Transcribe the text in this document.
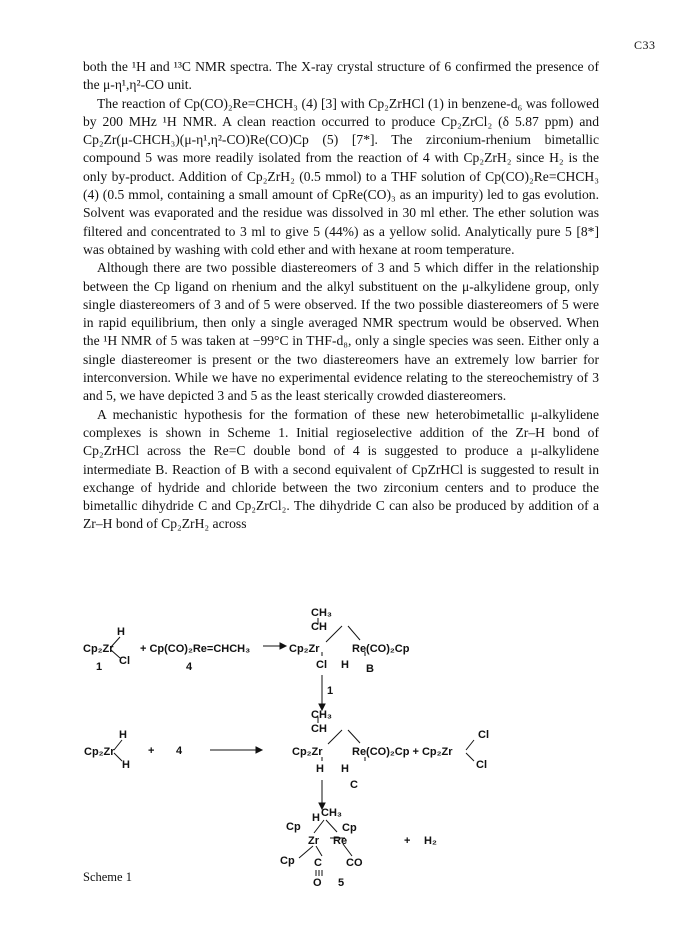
C33

both the ¹H and ¹³C NMR spectra. The X-ray crystal structure of 6 confirmed the presence of the μ-η¹,η²-CO unit.

The reaction of Cp(CO)₂Re=CHCH₃ (4) [3] with Cp₂ZrHCl (1) in benzene-d₆ was followed by 200 MHz ¹H NMR. A clean reaction occurred to produce Cp₂ZrCl₂ (δ 5.87 ppm) and Cp₂Zr(μ-CHCH₃)(μ-η¹,η²-CO)Re(CO)Cp (5) [7*]. The zirconium-rhenium bimetallic compound 5 was more readily isolated from the reaction of 4 with Cp₂ZrH₂ since H₂ is the only by-product. Addition of Cp₂ZrH₂ (0.5 mmol) to a THF solution of Cp(CO)₂Re=CHCH₃ (4) (0.5 mmol, containing a small amount of CpRe(CO)₃ as an impurity) led to gas evolution. Solvent was evaporated and the residue was dissolved in 30 ml ether. The ether solution was filtered and concentrated to 3 ml to give 5 (44%) as a yellow solid. Analytically pure 5 [8*] was obtained by washing with cold ether and with hexane at room temperature.

Although there are two possible diastereomers of 3 and 5 which differ in the relationship between the Cp ligand on rhenium and the alkyl substituent on the μ-alkylidene group, only single diastereomers of 3 and of 5 were observed. If the two possible diastereomers of 5 were in rapid equilibrium, then only a single averaged NMR spectrum would be observed. When the ¹H NMR of 5 was taken at −99°C in THF-d₈, only a single species was seen. Either only a single diastereomer is present or the two diastereomers have an extremely low barrier for interconversion. While we have no experimental evidence relating to the stereochemistry of 3 and 5, we have depicted 3 and 5 as the least sterically crowded diastereomers.

A mechanistic hypothesis for the formation of these new heterobimetallic μ-alkylidene complexes is shown in Scheme 1. Initial regioselective addition of the Zr–H bond of Cp₂ZrHCl across the Re=C double bond of 4 is suggested to produce a μ-alkylidene intermediate B. Reaction of B with a second equivalent of CpZrHCl is suggested to result in exchange of hydride and chloride between the two zirconium centers and to produce the bimetallic dihydride C and Cp₂ZrCl₂. The dihydride C can also be produced by addition of a Zr–H bond of Cp₂ZrH₂ across

H
Cp₂Zr
Cl
1
+ Cp(CO)₂Re=CHCH₃
4
CH₃
CH
Cp₂Zr	Re(CO)₂Cp
Cl H B
1
H
Cp₂Zr
H
+ 4
CH₃
CH
Cp₂Zr	Re(CO)₂Cp + Cp₂Zr
H H
C
Cl
Cl
H CH₃
Cp	Cp
Zr Re	+ H₂
Cp C CO
O 5
Scheme 1
